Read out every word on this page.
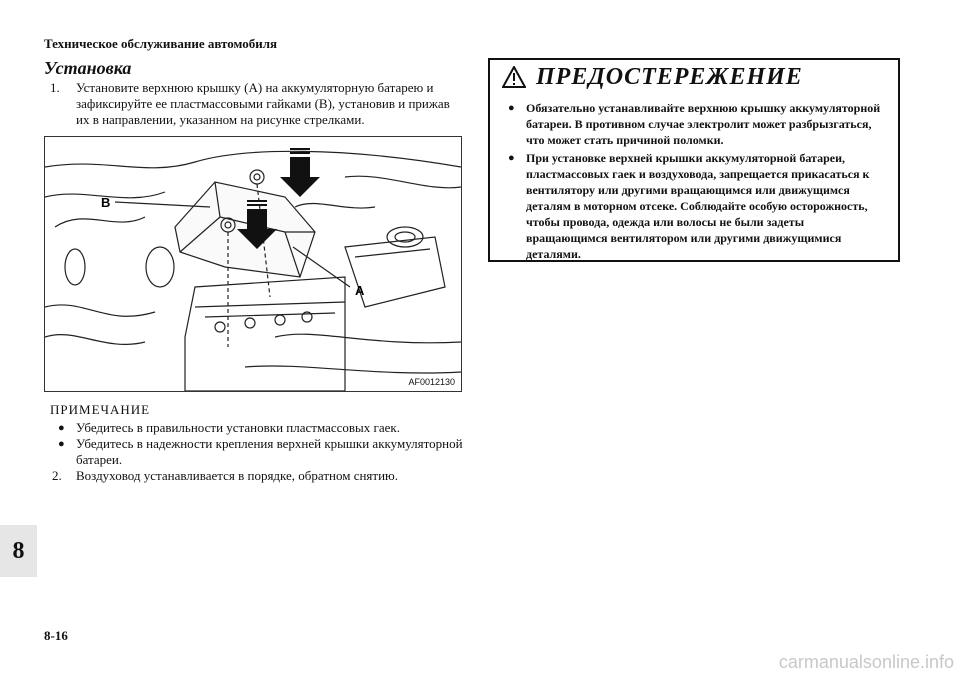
Техническое обслуживание автомобиля
Установка
1. Установите верхнюю крышку (A) на аккумуляторную батарею и зафиксируйте ее пластмассовыми гайками (B), установив и прижав их в направлении, указанном на рисунке стрелками.
B
A
AF0012130
ПРИМЕЧАНИЕ
● Убедитесь в правильности установки пластмассовых гаек.
● Убедитесь в надежности крепления верхней крышки аккумуляторной батареи.
2. Воздуховод устанавливается в порядке, обратном снятию.
ПРЕДОСТЕРЕЖЕНИЕ
● Обязательно устанавливайте верхнюю крышку аккумуляторной батареи. В противном случае электролит может разбрызгаться, что может стать причиной поломки.
● При установке верхней крышки аккумуляторной батареи, пластмассовых гаек и воздуховода, запрещается прикасаться к вентилятору или другими вращающимся или движущимся деталям в моторном отсеке. Соблюдайте особую осторожность, чтобы провода, одежда или волосы не были задеты вращающимся вентилятором или другими движущимися деталями.
8
8-16
carmanualsonline.info
